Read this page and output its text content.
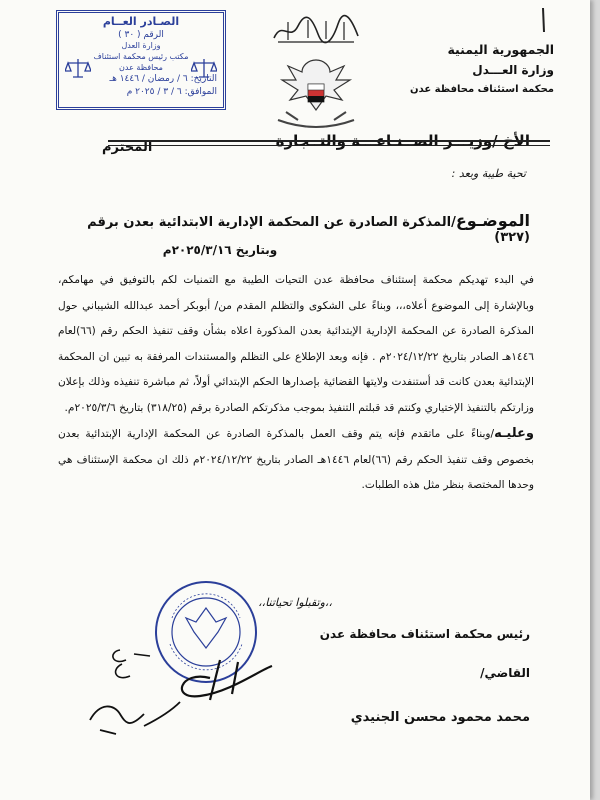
الجمهورية اليمنية
وزارة العـــدل
محكمة استئناف محافظة عدن
الصـادر العــام
الرقم ( ٣٠ )
وزارة العدل
مكتب رئيس محكمة استئناف
محافظة عدن
التاريخ: ٦ / رمضان / ١٤٤٦ هـ
الموافق: ٦ / ٣ / ٢٠٢٥ م
الأخ /وزيـــر الصــنـاعـــة والتــجارة
المحترم
تحية طيبة وبعد :
الموضـوع/المذكرة الصادرة عن المحكمة الإدارية الابتدائية بعدن برقم (٣٢٧)
وبتاريخ ٢٠٢٥/٣/١٦م

في البدء تهديكم محكمة إستئناف محافظة عدن التحيات الطيبة مع التمنيات لكم بالتوفيق في مهامكم، وبالإشارة إلى الموضوع أعلاه،،، وبناءً على الشكوى والتظلم المقدم من/ أبوبكر أحمد عبدالله الشيباني حول المذكرة الصادرة عن المحكمة الإدارية الإبتدائية بعدن المذكورة اعلاه بشأن وقف تنفيذ الحكم رقم (٦٦)لعام ١٤٤٦هـ الصادر بتاريخ ٢٠٢٤/١٢/٢٢م . فإنه وبعد الإطلاع على التظلم والمستندات المرفقة به تبين ان المحكمة الإبتدائية بعدن كانت قد أستنفدت ولايتها القضائية بإصدارها الحكم الإبتدائي أولاً، ثم مباشرة تنفيذه وذلك بإعلان وزارتكم بالتنفيذ الإختياري وكنتم قد قبلتم التنفيذ بموجب مذكرتكم الصادرة برقم (٣١٨/٢٥) بتاريخ ٢٠٢٥/٣/٦م.

وعليـه/وبناءً على ماتقدم فإنه يتم وقف العمل بالمذكرة الصادرة عن المحكمة الإدارية الإبتدائية بعدن بخصوص وقف تنفيذ الحكم رقم (٦٦)لعام ١٤٤٦هـ الصادر بتاريخ ٢٠٢٤/١٢/٢٢م ذلك ان محكمة الإستئناف هي وحدها المختصة بنظر مثل هذه الطلبات.

،،وتقبلوا تحياتنا،،
رئيس محكمة استئناف محافظة عدن
القاضي/
محمد محمود محسن الجنيدي
